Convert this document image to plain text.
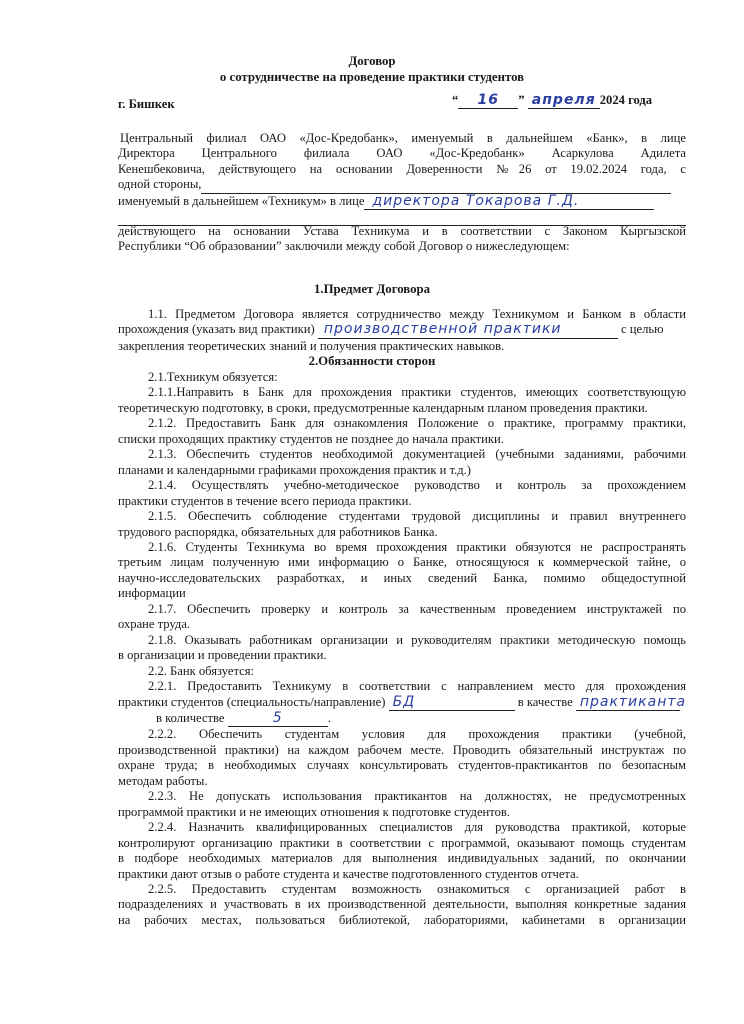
Договор
о сотрудничестве на проведение практики студентов
г. Бишкек	“ 16 ” апреля 2024 года
Центральный филиал ОАО «Дос-Кредобанк», именуемый в дальнейшем «Банк», в лице
Директора Центрального филиала ОАО «Дос-Кредобанк» Асаркулова Адилета
Кенешбековича, действующего на основании Доверенности №26 от 19.02.2024 года, с
одной стороны,
именуемый в дальнейшем «Техникум» в лице директора Токарова Г.Д.

действующего на основании Устава Техникума и в соответствии с Законом Кыргызской
Республики “Об образовании” заключили между собой Договор о нижеследующем:
1.Предмет Договора
1.1. Предметом Договора является сотрудничество между Техникумом и Банком в области
прохождения (указать вид практики) производственной практики	с целью
закрепления теоретических знаний и получения практических навыков.
2.Обязанности сторон
2.1.Техникум обязуется:
2.1.1.Направить в Банк для прохождения практики студентов, имеющих соответствующую
теоретическую подготовку, в сроки, предусмотренные календарным планом проведения практики.
2.1.2. Предоставить Банк для ознакомления Положение о практике, программу практики,
списки проходящих практику студентов не позднее до начала практики.
2.1.3. Обеспечить студентов необходимой документацией (учебными заданиями, рабочими
планами и календарными графиками прохождения практик и т.д.)
2.1.4. Осуществлять учебно-методическое руководство и контроль за прохождением
практики студентов в течение всего периода практики.
2.1.5. Обеспечить соблюдение студентами трудовой дисциплины и правил внутреннего
трудового распорядка, обязательных для работников Банка.
2.1.6. Студенты Техникума во время прохождения практики обязуются не распространять
третьим лицам полученную ими информацию о Банке, относящуюся к коммерческой тайне, о
научно-исследовательских разработках, и иных сведений Банка, помимо общедоступной
информации
2.1.7. Обеспечить проверку и контроль за качественным проведением инструктажей по
охране труда.
2.1.8. Оказывать работникам организации и руководителям практики методическую помощь
в организации и проведении практики.
2.2. Банк обязуется:
2.2.1. Предоставить Техникуму в соответствии с направлением место для прохождения
практики студентов (специальность/направление) БД	в качестве практиканта
в количестве	5	.
2.2.2. Обеспечить студентам условия для прохождения практики (учебной,
производственной практики) на каждом рабочем месте. Проводить обязательный инструктаж по
охране труда; в необходимых случаях консультировать студентов-практикантов по безопасным
методам работы.
2.2.3. Не допускать использования практикантов на должностях, не предусмотренных
программой практики и не имеющих отношения к подготовке студентов.
2.2.4. Назначить квалифицированных специалистов для руководства практикой, которые
контролируют организацию практики в соответствии с программой, оказывают помощь студентам
в подборе необходимых материалов для выполнения индивидуальных заданий, по окончании
практики дают отзыв о работе студента и качестве подготовленного студентов отчета.
2.2.5. Предоставить студентам возможность ознакомиться с организацией работ в
подразделениях и участвовать в их производственной деятельности, выполняя конкретные задания
на рабочих местах, пользоваться библиотекой, лабораториями, кабинетами в организации
